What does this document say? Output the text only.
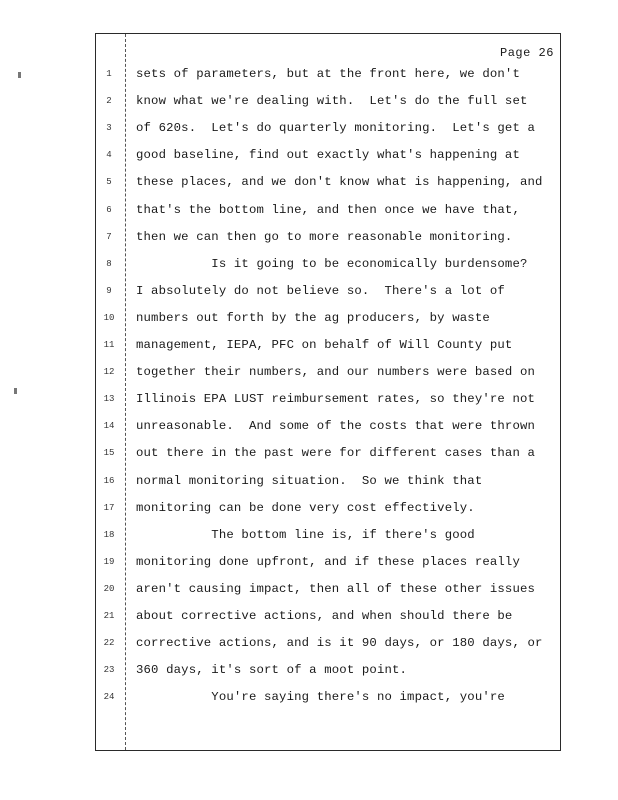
Page 26
1	sets of parameters, but at the front here, we don't
2	know what we're dealing with.  Let's do the full set
3	of 620s.  Let's do quarterly monitoring.  Let's get a
4	good baseline, find out exactly what's happening at
5	these places, and we don't know what is happening, and
6	that's the bottom line, and then once we have that,
7	then we can then go to more reasonable monitoring.
8	Is it going to be economically burdensome?
9	I absolutely do not believe so.  There's a lot of
10	numbers out forth by the ag producers, by waste
11	management, IEPA, PFC on behalf of Will County put
12	together their numbers, and our numbers were based on
13	Illinois EPA LUST reimbursement rates, so they're not
14	unreasonable.  And some of the costs that were thrown
15	out there in the past were for different cases than a
16	normal monitoring situation.  So we think that
17	monitoring can be done very cost effectively.
18	The bottom line is, if there's good
19	monitoring done upfront, and if these places really
20	aren't causing impact, then all of these other issues
21	about corrective actions, and when should there be
22	corrective actions, and is it 90 days, or 180 days, or
23	360 days, it's sort of a moot point.
24	You're saying there's no impact, you're
